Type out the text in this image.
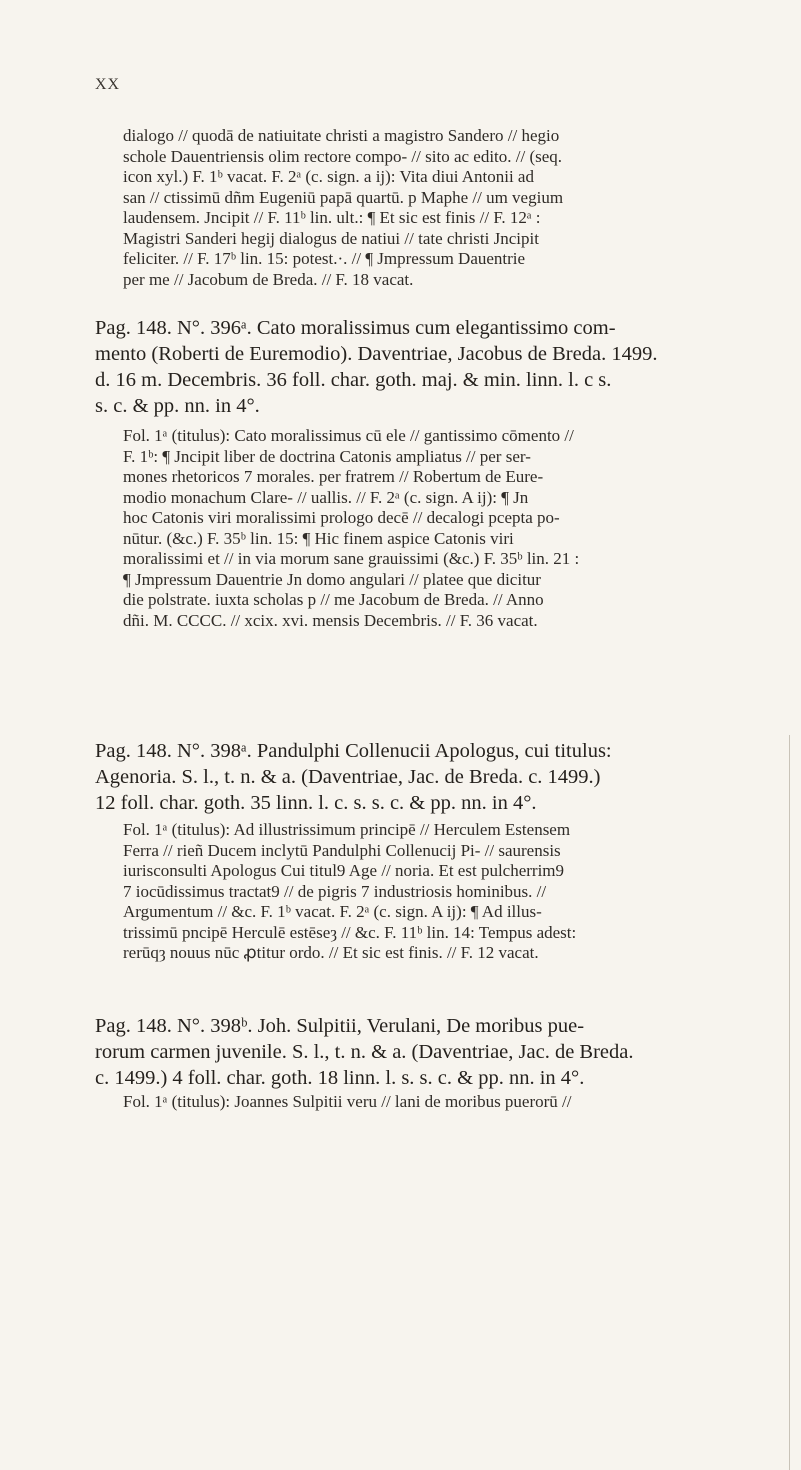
XX

dialogo // quodā de natiuitate christi a magistro Sandero // hegio
schole Dauentriensis olim rectore compo- // sito ac edito. // (seq.
icon xyl.) F. 1ᵇ vacat. F. 2ᵃ (c. sign. a ij): Vita diui Antonii ad
san // ctissimū dñm Eugeniū papā quartū. p Maphe // um vegium
laudensem. Jncipit // F. 11ᵇ lin. ult.: ¶ Et sic est finis // F. 12ᵃ :
Magistri Sanderi hegij dialogus de natiui // tate christi Jncipit
feliciter. // F. 17ᵇ lin. 15: potest.·. // ¶ Jmpressum Dauentrie
per me // Jacobum de Breda. // F. 18 vacat.

Pag. 148. N°. 396ᵃ. Cato moralissimus cum elegantissimo com-
mento (Roberti de Euremodio). Daventriae, Jacobus de Breda. 1499.
d. 16 m. Decembris. 36 foll. char. goth. maj. & min. linn. l. c s.
s. c. & pp. nn. in 4°.
Fol. 1ᵃ (titulus): Cato moralissimus cū ele // gantissimo cōmento //
F. 1ᵇ: ¶ Jncipit liber de doctrina Catonis ampliatus // per ser-
mones rhetoricos 7 morales. per fratrem // Robertum de Eure-
modio monachum Clare- // uallis. // F. 2ᵃ (c. sign. A ij): ¶ Jn
hoc Catonis viri moralissimi prologo decē // decalogi pcepta po-
nūtur. (&c.) F. 35ᵇ lin. 15: ¶ Hic finem aspice Catonis viri
moralissimi et // in via morum sane grauissimi (&c.) F. 35ᵇ lin. 21 :
¶ Jmpressum Dauentrie Jn domo angulari // platee que dicitur
die polstrate. iuxta scholas p // me Jacobum de Breda. // Anno
dñi. M. CCCC. // xcix. xvi. mensis Decembris. // F. 36 vacat.
Pag. 148. N°. 398ᵃ. Pandulphi Collenucii Apologus, cui titulus:
Agenoria. S. l., t. n. & a. (Daventriae, Jac. de Breda. c. 1499.)
12 foll. char. goth. 35 linn. l. c. s. s. c. & pp. nn. in 4°.
Fol. 1ᵃ (titulus): Ad illustrissimum principē // Herculem Estensem
Ferra // rieñ Ducem inclytū Pandulphi Collenucij Pi- // saurensis
iurisconsulti Apologus Cui titul9 Age // noria. Et est pulcherrim9
7 iocūdissimus tractat9 // de pigris 7 industriosis hominibus. //
Argumentum // &c. F. 1ᵇ vacat. F. 2ᵃ (c. sign. A ij): ¶ Ad illus-
trissimū pncipē Herculē estēseȝ // &c. F. 11ᵇ lin. 14: Tempus adest:
rerūqȝ nouus nūc ꝓtitur ordo. // Et sic est finis. // F. 12 vacat.
Pag. 148. N°. 398ᵇ. Joh. Sulpitii, Verulani, De moribus pue-
rorum carmen juvenile. S. l., t. n. & a. (Daventriae, Jac. de Breda.
c. 1499.) 4 foll. char. goth. 18 linn. l. s. s. c. & pp. nn. in 4°.
Fol. 1ᵃ (titulus): Joannes Sulpitii veru // lani de moribus puerorū //
